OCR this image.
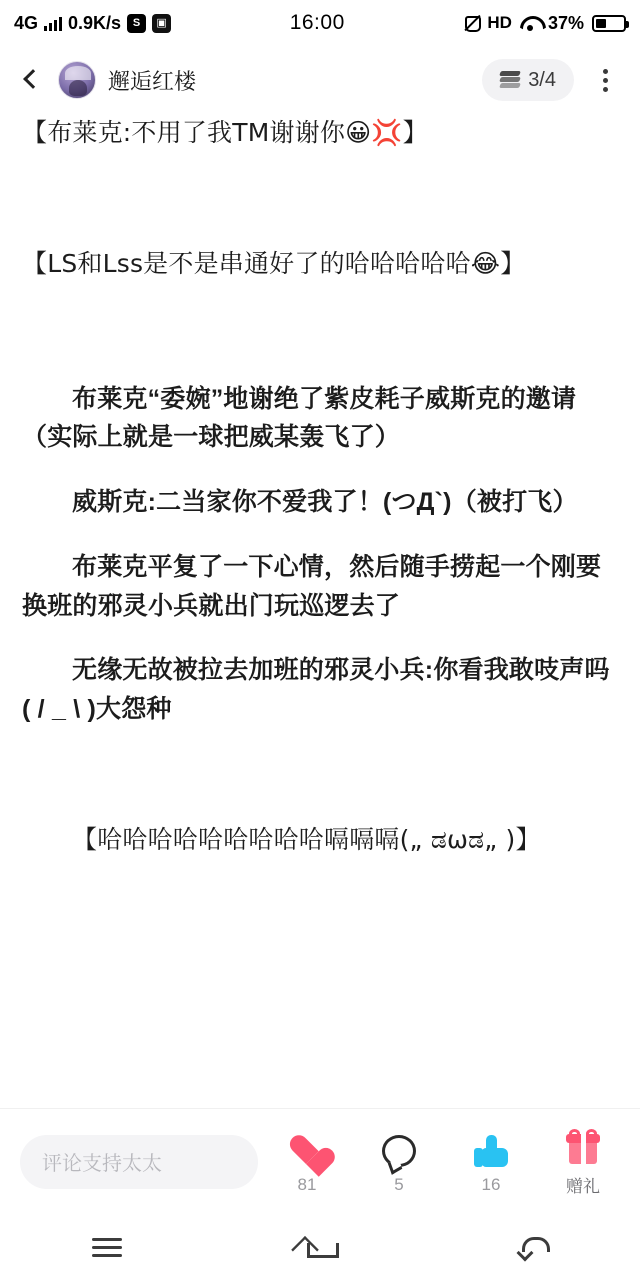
4G 0.9K/s	S	▣	16:00	HD 37%
邂逅红楼	3/4
【布莱克:不用了我TM谢谢你😀💢】
【LS和Lss是不是串通好了的哈哈哈哈哈😂】
布莱克“委婉”地谢绝了紫皮耗子威斯克的邀请（实际上就是一球把威某轰飞了）
威斯克:二当家你不爱我了！(つД`)（被打飞）
布莱克平复了一下心情，然后随手捞起一个刚要换班的邪灵小兵就出门玩巡逻去了
无缘无故被拉去加班的邪灵小兵:你看我敢吱声吗( / _ \ )大怨种
【哈哈哈哈哈哈哈哈哈嗝嗝嗝(„ ಡωಡ„ )】
评论支持太太
81	5	16	赠礼
